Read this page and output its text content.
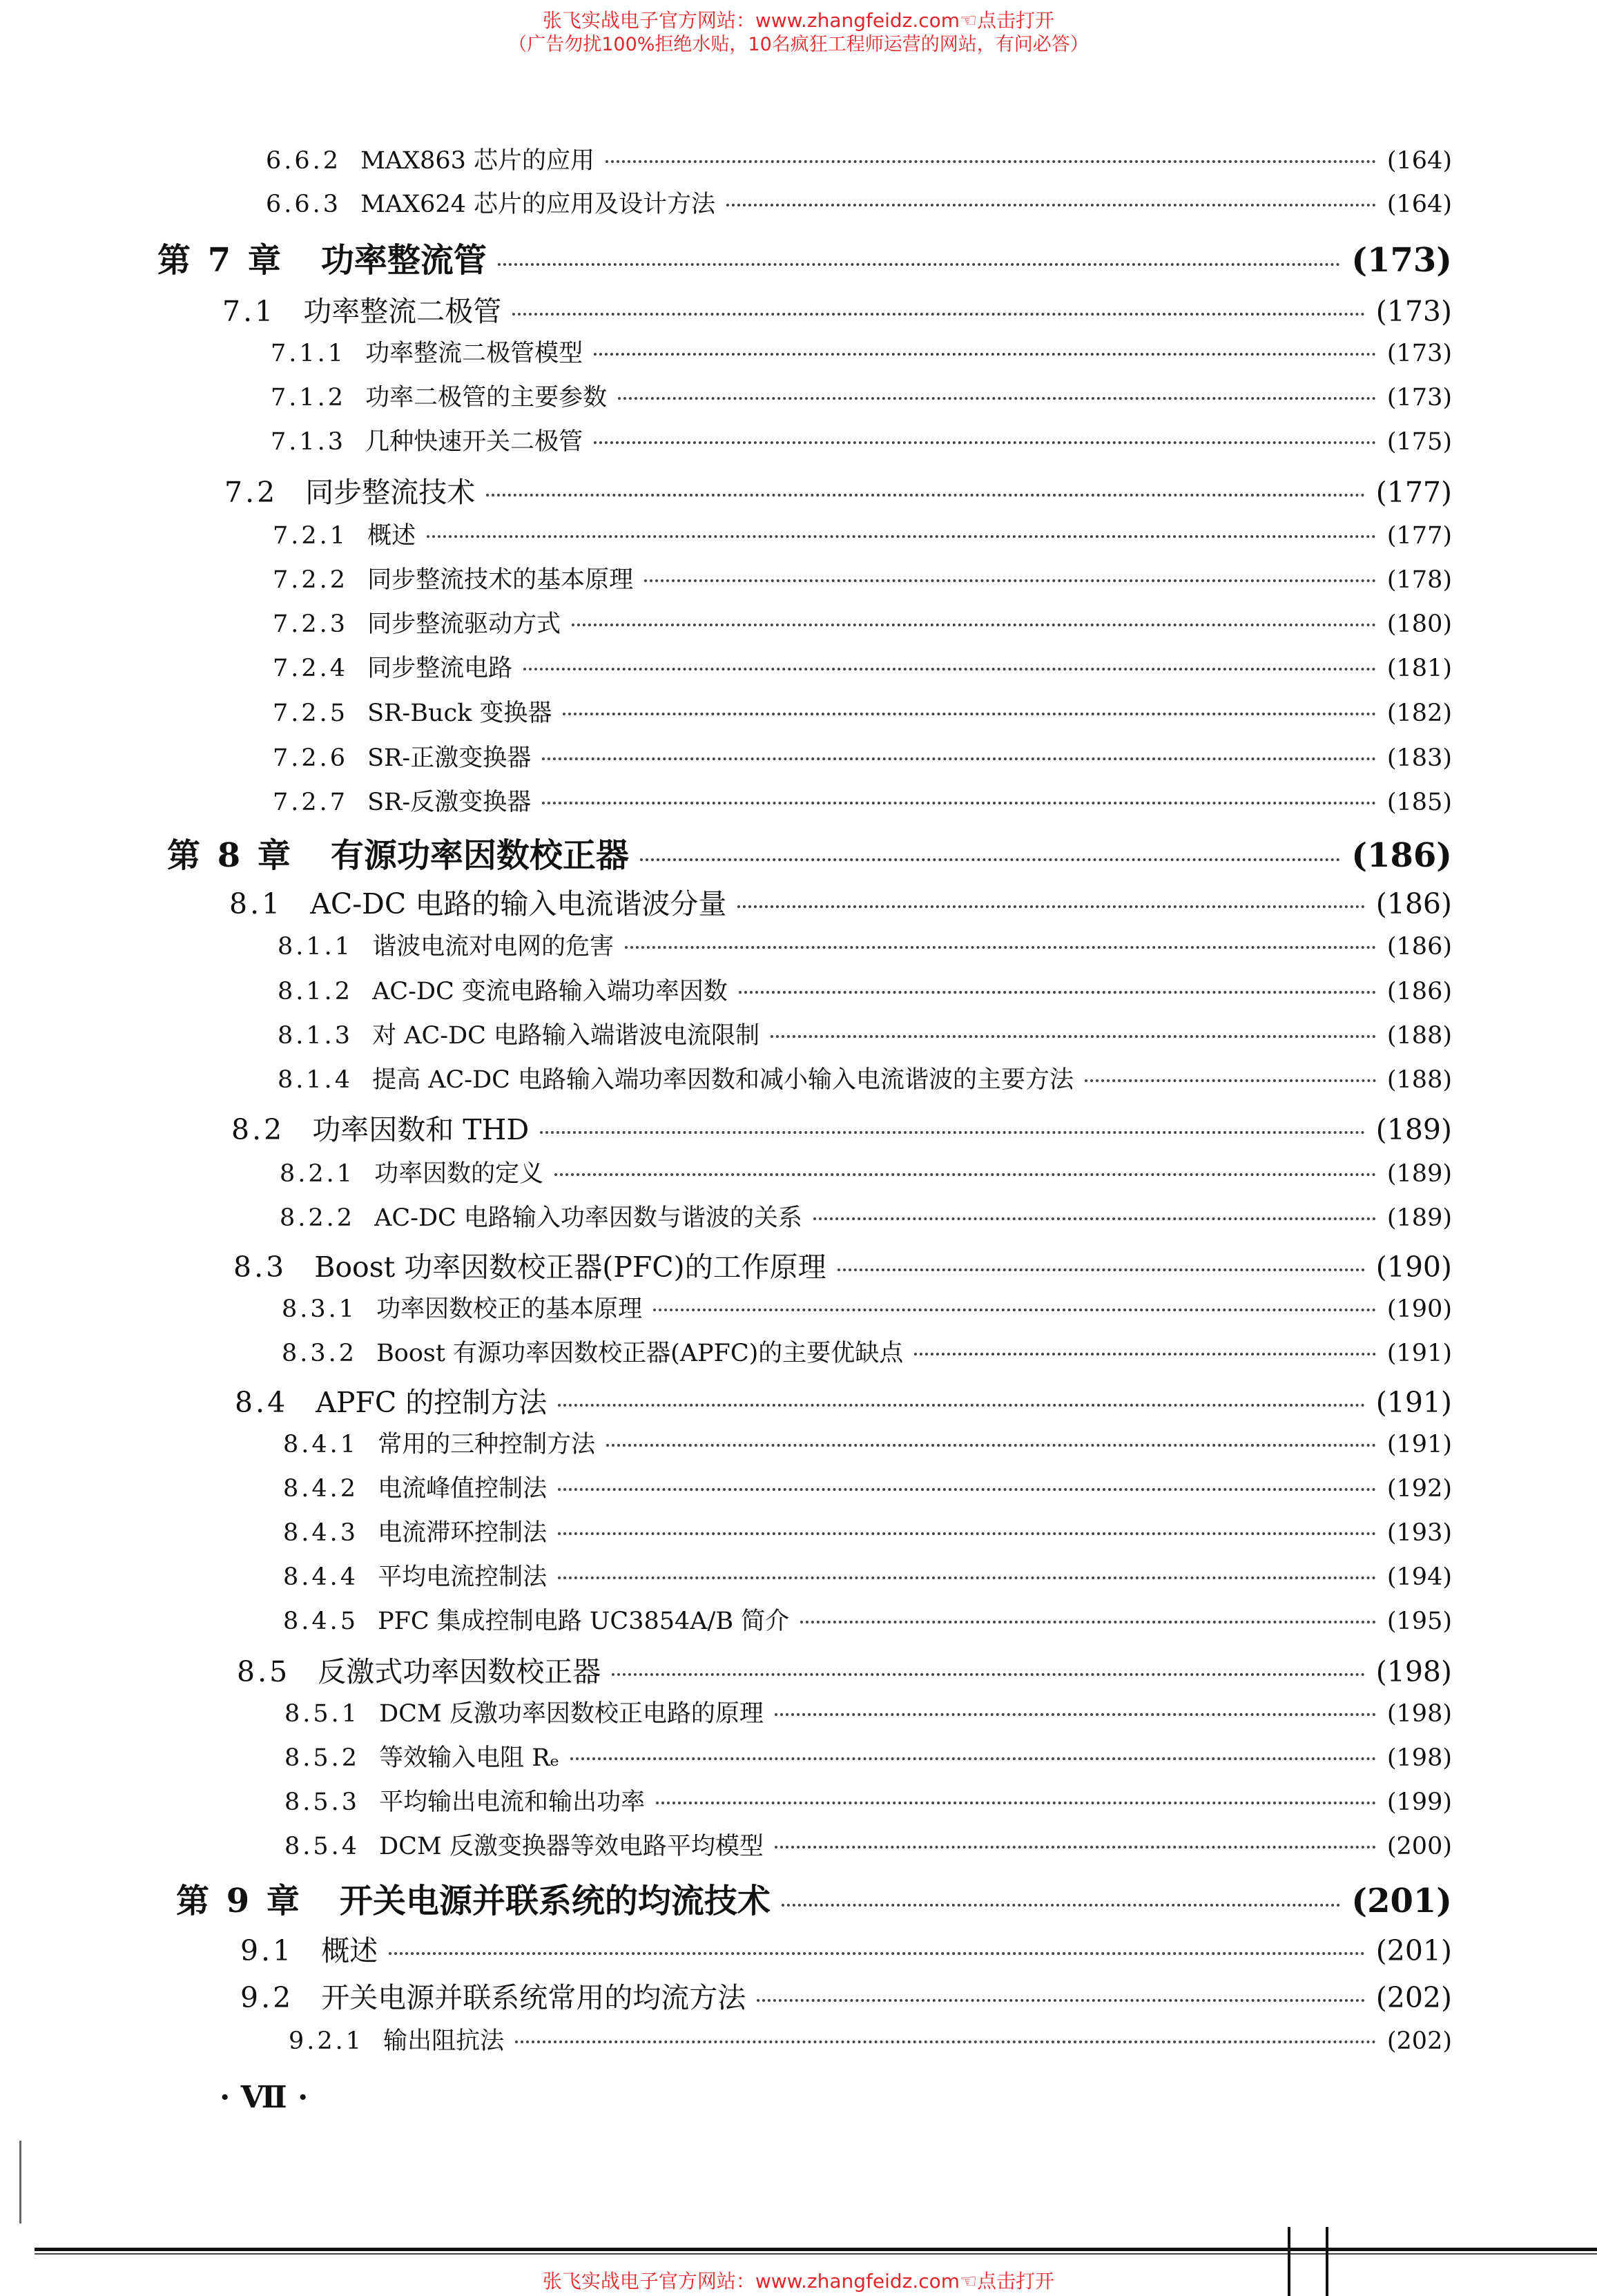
张飞实战电子官方网站：www.zhangfeidz.com☜点击打开
（广告勿扰100%拒绝水贴，10名疯狂工程师运营的网站，有问必答）
6.6.2 MAX863 芯片的应用	(164)
6.6.3 MAX624 芯片的应用及设计方法	(164)
第 7 章 功率整流管	(173)
7.1 功率整流二极管	(173)
7.1.1 功率整流二极管模型	(173)
7.1.2 功率二极管的主要参数	(173)
7.1.3 几种快速开关二极管	(175)
7.2 同步整流技术	(177)
7.2.1 概述	(177)
7.2.2 同步整流技术的基本原理	(178)
7.2.3 同步整流驱动方式	(180)
7.2.4 同步整流电路	(181)
7.2.5 SR-Buck 变换器	(182)
7.2.6 SR-正激变换器	(183)
7.2.7 SR-反激变换器	(185)
第 8 章 有源功率因数校正器	(186)
8.1 AC-DC 电路的输入电流谐波分量	(186)
8.1.1 谐波电流对电网的危害	(186)
8.1.2 AC-DC 变流电路输入端功率因数	(186)
8.1.3 对 AC-DC 电路输入端谐波电流限制	(188)
8.1.4 提高 AC-DC 电路输入端功率因数和减小输入电流谐波的主要方法	(188)
8.2 功率因数和 THD	(189)
8.2.1 功率因数的定义	(189)
8.2.2 AC-DC 电路输入功率因数与谐波的关系	(189)
8.3 Boost 功率因数校正器(PFC)的工作原理	(190)
8.3.1 功率因数校正的基本原理	(190)
8.3.2 Boost 有源功率因数校正器(APFC)的主要优缺点	(191)
8.4 APFC 的控制方法	(191)
8.4.1 常用的三种控制方法	(191)
8.4.2 电流峰值控制法	(192)
8.4.3 电流滞环控制法	(193)
8.4.4 平均电流控制法	(194)
8.4.5 PFC 集成控制电路 UC3854A/B 简介	(195)
8.5 反激式功率因数校正器	(198)
8.5.1 DCM 反激功率因数校正电路的原理	(198)
8.5.2 等效输入电阻 Rₑ	(198)
8.5.3 平均输出电流和输出功率	(199)
8.5.4 DCM 反激变换器等效电路平均模型	(200)
第 9 章 开关电源并联系统的均流技术	(201)
9.1 概述	(201)
9.2 开关电源并联系统常用的均流方法	(202)
9.2.1 输出阻抗法	(202)
· Ⅶ ·
张飞实战电子官方网站：www.zhangfeidz.com☜点击打开
